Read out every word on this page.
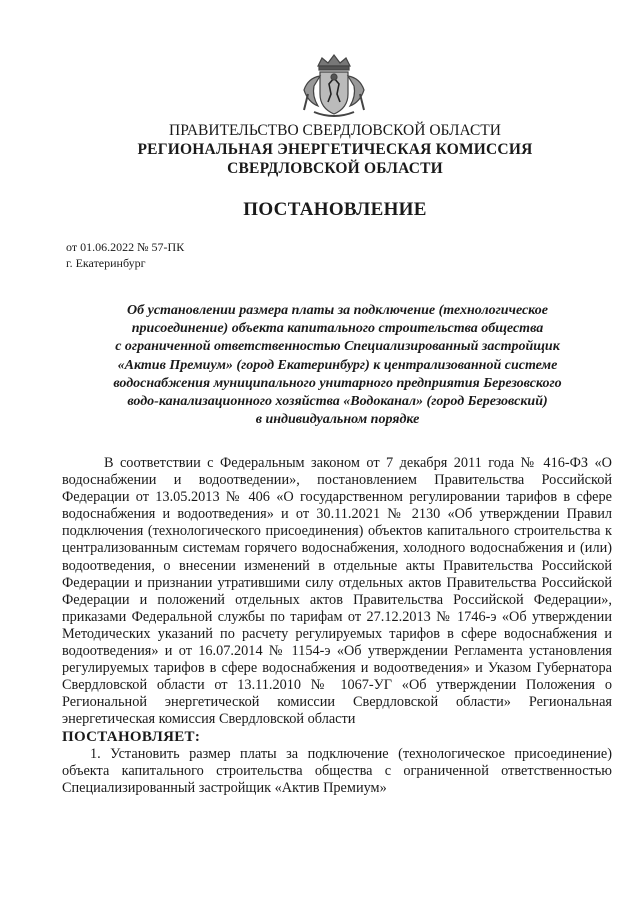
ПРАВИТЕЛЬСТВО СВЕРДЛОВСКОЙ ОБЛАСТИ
РЕГИОНАЛЬНАЯ ЭНЕРГЕТИЧЕСКАЯ КОМИССИЯ
СВЕРДЛОВСКОЙ ОБЛАСТИ
ПОСТАНОВЛЕНИЕ
от 01.06.2022 № 57-ПК
г. Екатеринбург
Об установлении размера платы за подключение (технологическое
присоединение) объекта капитального строительства общества
с ограниченной ответственностью Специализированный застройщик
«Актив Премиум» (город Екатеринбург) к централизованной системе
водоснабжения муниципального унитарного предприятия Березовского
водо-канализационного хозяйства «Водоканал» (город Березовский)
в индивидуальном порядке

В соответствии с Федеральным законом от 7 декабря 2011 года № 416-ФЗ «О водоснабжении и водоотведении», постановлением Правительства Российской Федерации от 13.05.2013 № 406 «О государственном регулировании тарифов в сфере водоснабжения и водоотведения» и от 30.11.2021 № 2130 «Об утверждении Правил подключения (технологического присоединения) объектов капитального строительства к централизованным системам горячего водоснабжения, холодного водоснабжения и (или) водоотведения, о внесении изменений в отдельные акты Правительства Российской Федерации и признании утратившими силу отдельных актов Правительства Российской Федерации и положений отдельных актов Правительства Российской Федерации», приказами Федеральной службы по тарифам от 27.12.2013 № 1746-э «Об утверждении Методических указаний по расчету регулируемых тарифов в сфере водоснабжения и водоотведения» и от 16.07.2014 № 1154-э «Об утверждении Регламента установления регулируемых тарифов в сфере водоснабжения и водоотведения» и Указом Губернатора Свердловской области от 13.11.2010 № 1067-УГ «Об утверждении Положения о Региональной энергетической комиссии Свердловской области» Региональная энергетическая комиссия Свердловской области

ПОСТАНОВЛЯЕТ:

1. Установить размер платы за подключение (технологическое присоединение) объекта капитального строительства общества с ограниченной ответственностью Специализированный застройщик «Актив Премиум»
